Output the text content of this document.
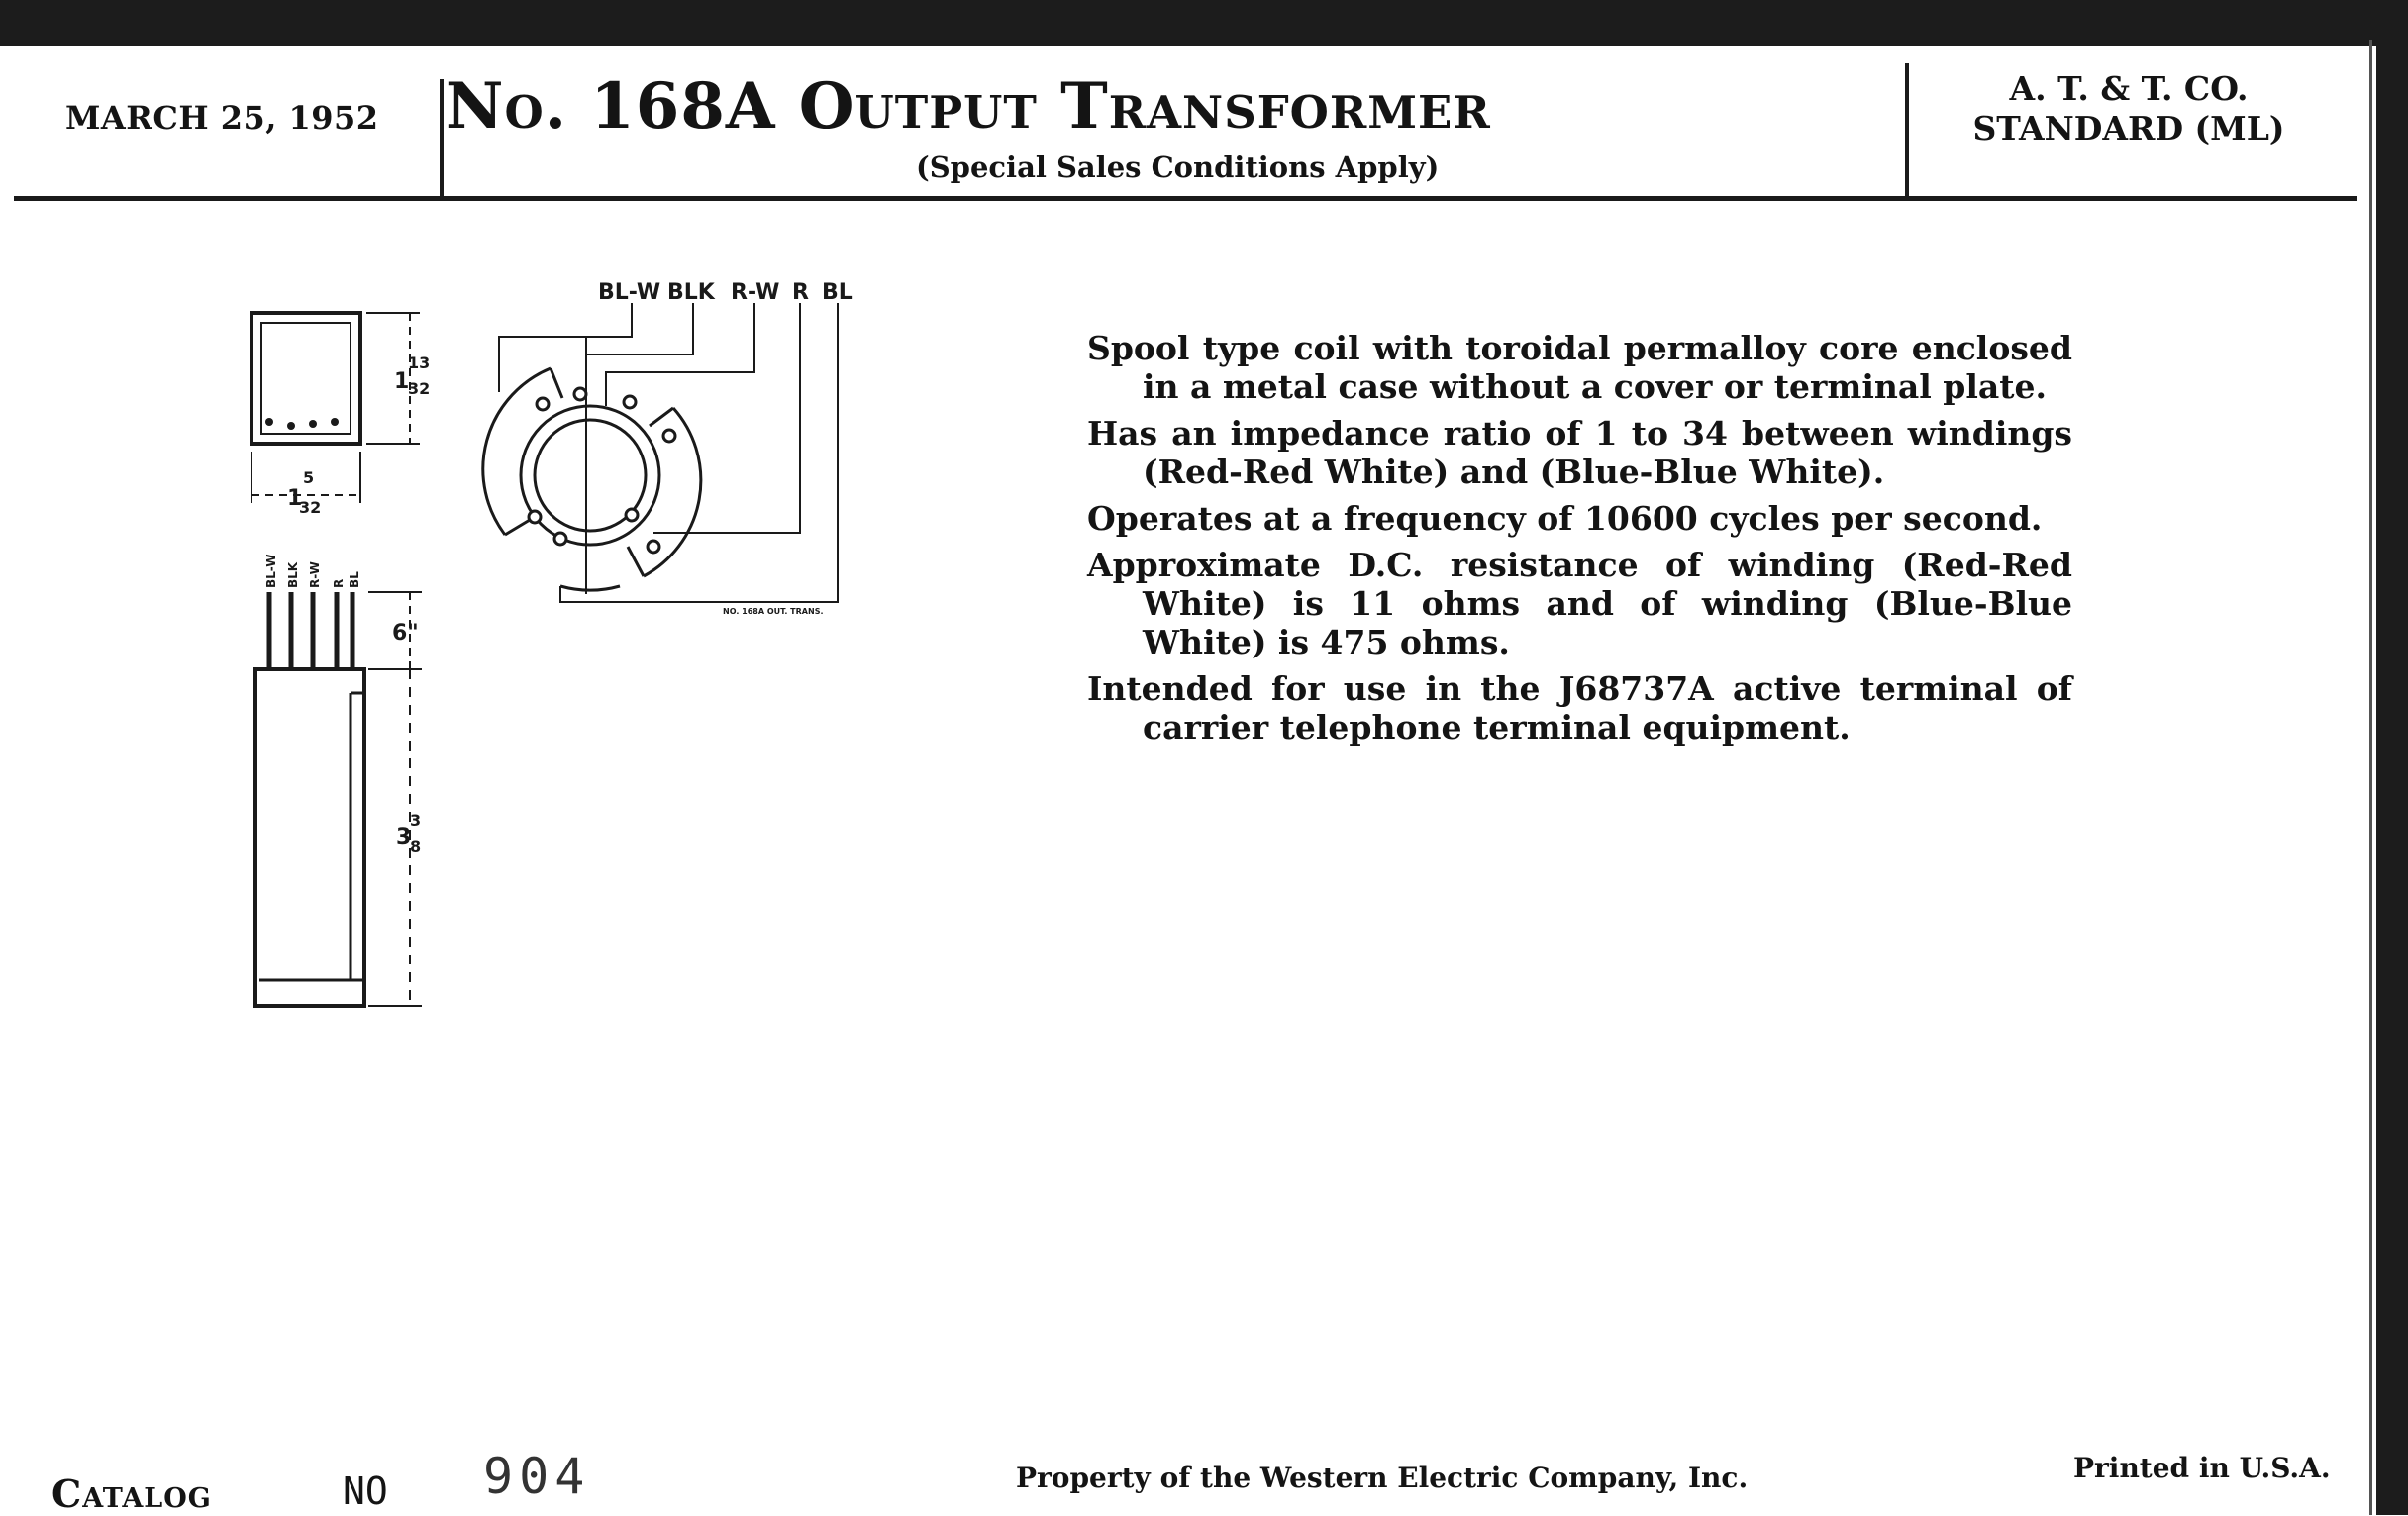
MARCH 25, 1952 No. 168A Output Transformer
(Special Sales Conditions Apply)
A. T. & T. CO.
STANDARD (ML)
1
13
32
1
5
32
6"
3
3
8
BL-W BLK R-W R BL
BL-W BLK R-W R BL
NO. 168A OUT. TRANS.

Spool type coil with toroidal permalloy core enclosed in a metal case without a cover or terminal plate.

Has an impedance ratio of 1 to 34 between windings (Red-Red White) and (Blue-Blue White).

Operates at a frequency of 10600 cycles per second.

Approximate D.C. resistance of winding (Red-Red White) is 11 ohms and of winding (Blue-Blue White) is 475 ohms.

Intended for use in the J68737A active terminal of carrier telephone terminal equipment.

Catalog	NO 904	Property of the Western Electric Company, Inc.	Printed in U.S.A.
